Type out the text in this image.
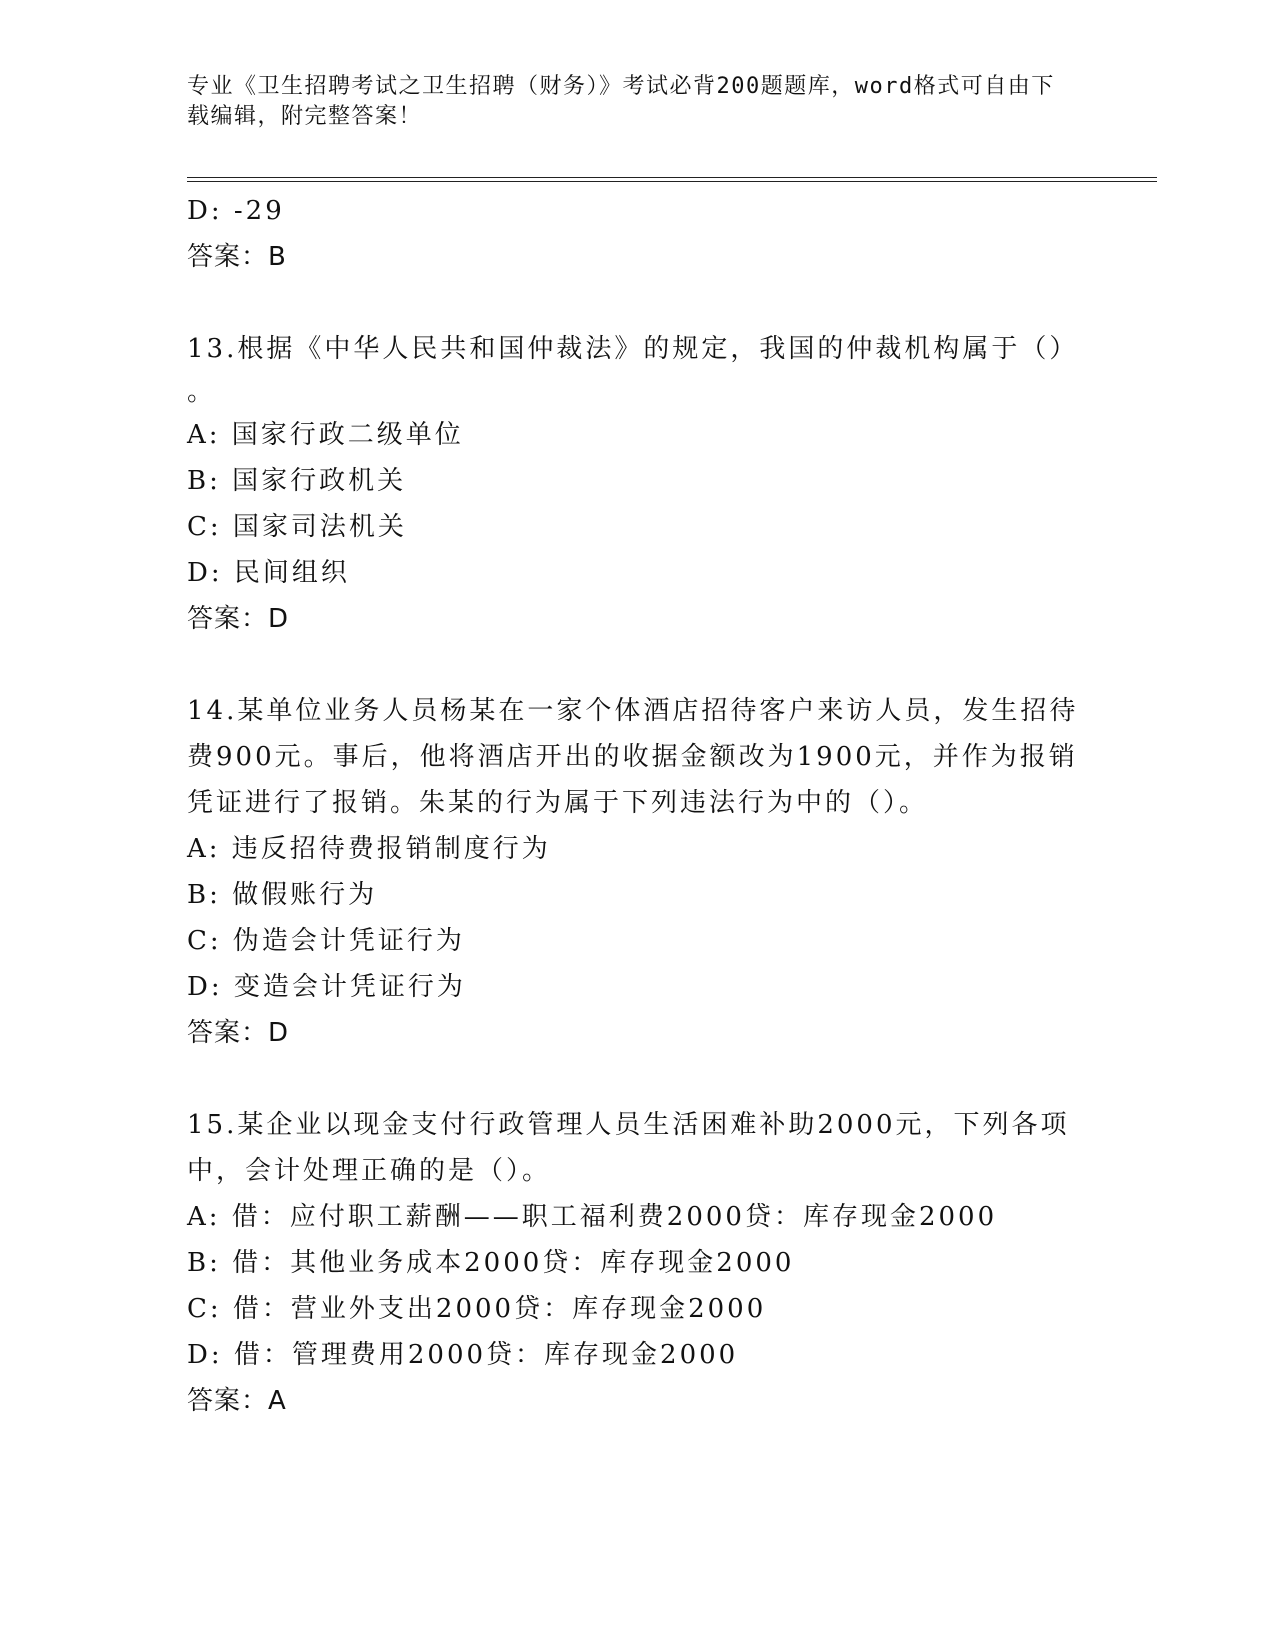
专业《卫生招聘考试之卫生招聘（财务）》考试必背200题题库，word格式可自由下载编辑，附完整答案！
D: -29
答案：B
13.根据《中华人民共和国仲裁法》的规定，我国的仲裁机构属于（）
。
A: 国家行政二级单位
B: 国家行政机关
C: 国家司法机关
D: 民间组织
答案：D
14.某单位业务人员杨某在一家个体酒店招待客户来访人员，发生招待
费900元。事后，他将酒店开出的收据金额改为1900元，并作为报销
凭证进行了报销。朱某的行为属于下列违法行为中的（）。
A: 违反招待费报销制度行为
B: 做假账行为
C: 伪造会计凭证行为
D: 变造会计凭证行为
答案：D
15.某企业以现金支付行政管理人员生活困难补助2000元，下列各项
中，会计处理正确的是（）。
A: 借：应付职工薪酬——职工福利费2000贷：库存现金2000
B: 借：其他业务成本2000贷：库存现金2000
C: 借：营业外支出2000贷：库存现金2000
D: 借：管理费用2000贷：库存现金2000
答案：A
